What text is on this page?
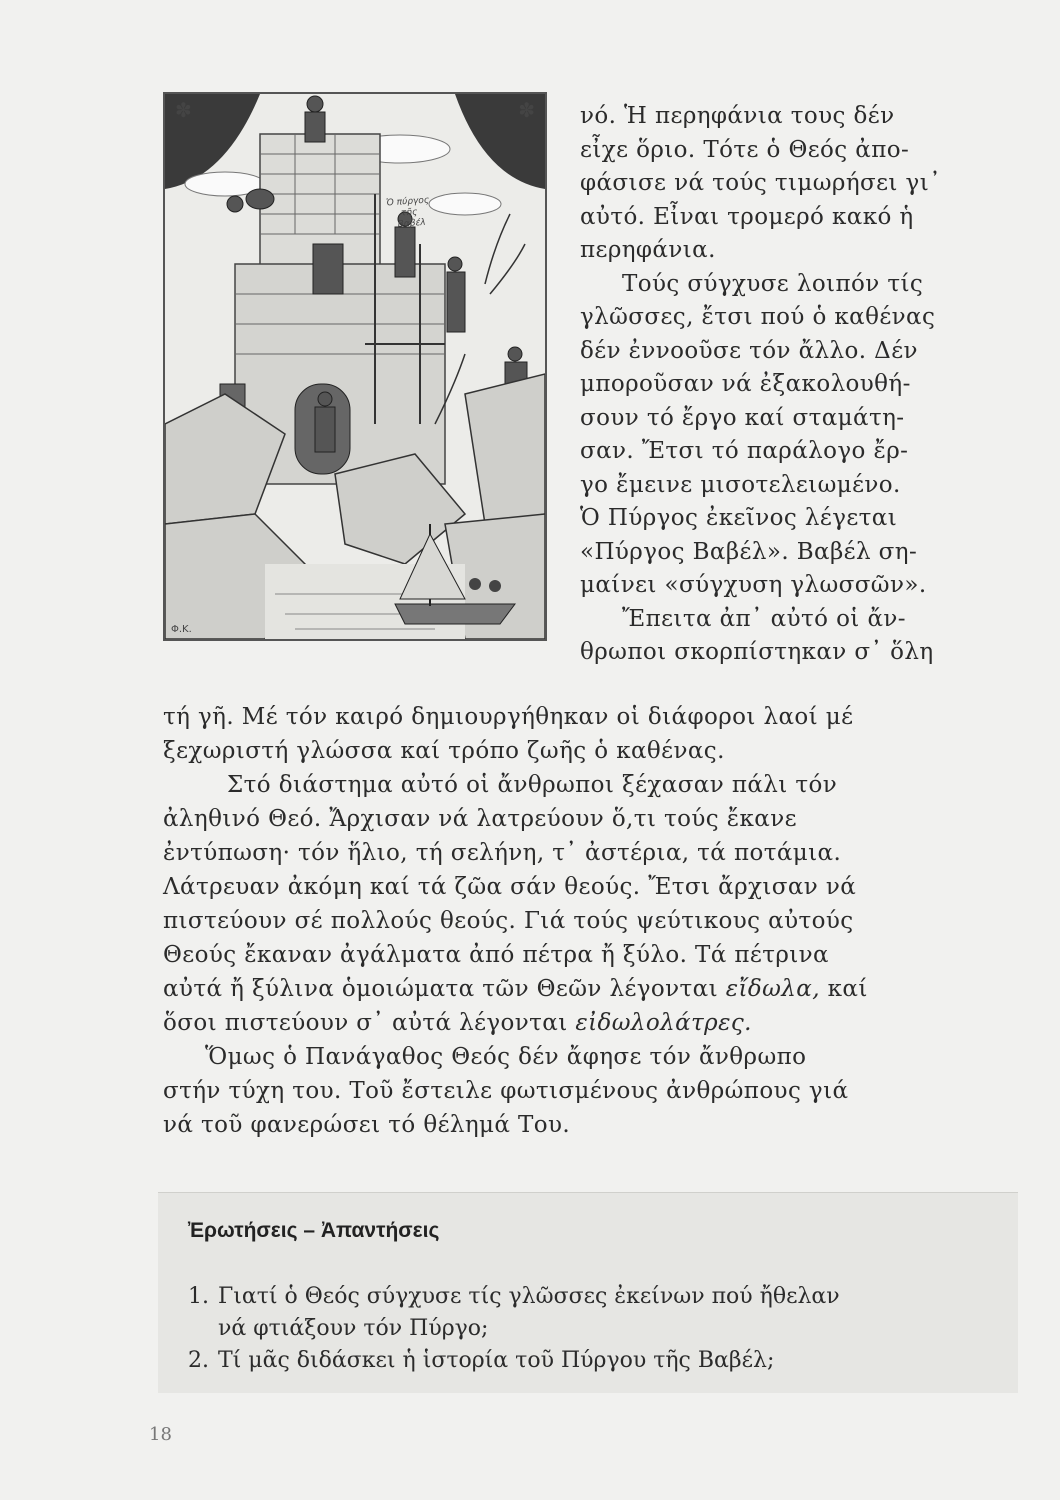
✽	✽
Ὁ πύργος
τῆς
Βαβέλ
Φ.Κ.
νό. Ἡ περηφάνια τους δέν
εἶχε ὅριο. Τότε ὁ Θεός ἀπο-
φάσισε νά τούς τιμωρήσει γι᾽
αὐτό. Εἶναι τρομερό κακό ἡ
περηφάνια.
Τούς σύγχυσε λοιπόν τίς
γλῶσσες, ἔτσι πού ὁ καθένας
δέν ἐννοοῦσε τόν ἄλλο. Δέν
μποροῦσαν νά ἐξακολουθή-
σουν τό ἔργο καί σταμάτη-
σαν. Ἔτσι τό παράλογο ἔρ-
γο ἔμεινε μισοτελειωμένο.
Ὁ Πύργος ἐκεῖνος λέγεται
«Πύργος Βαβέλ». Βαβέλ ση-
μαίνει «σύγχυση γλωσσῶν».
Ἔπειτα ἀπ᾽ αὐτό οἱ ἄν-
θρωποι σκορπίστηκαν σ᾽ ὅλη
τή γῆ. Μέ τόν καιρό δημιουργήθηκαν οἱ διάφοροι λαοί μέ
ξεχωριστή γλώσσα καί τρόπο ζωῆς ὁ καθένας.
Στό διάστημα αὐτό οἱ ἄνθρωποι ξέχασαν πάλι τόν
ἀληθινό Θεό. Ἄρχισαν νά λατρεύουν ὅ,τι τούς ἔκανε
ἐντύπωση· τόν ἥλιο, τή σελήνη, τ᾽ ἀστέρια, τά ποτάμια.
Λάτρευαν ἀκόμη καί τά ζῶα σάν θεούς. Ἔτσι ἄρχισαν νά
πιστεύουν σέ πολλούς θεούς. Γιά τούς ψεύτικους αὐτούς
Θεούς ἔκαναν ἀγάλματα ἀπό πέτρα ἤ ξύλο. Τά πέτρινα
αὐτά ἤ ξύλινα ὁμοιώματα τῶν Θεῶν λέγονται εἴδωλα, καί
ὅσοι πιστεύουν σ᾽ αὐτά λέγονται εἰδωλολάτρες.
Ὅμως ὁ Πανάγαθος Θεός δέν ἄφησε τόν ἄνθρωπο
στήν τύχη του. Τοῦ ἔστειλε φωτισμένους ἀνθρώπους γιά
νά τοῦ φανερώσει τό θέλημά Του.
Ἐρωτήσεις – Ἀπαντήσεις
1. Γιατί ὁ Θεός σύγχυσε τίς γλῶσσες ἐκείνων πού ἤθελαν
νά φτιάξουν τόν Πύργο;
2. Τί μᾶς διδάσκει ἡ ἱστορία τοῦ Πύργου τῆς Βαβέλ;
18
